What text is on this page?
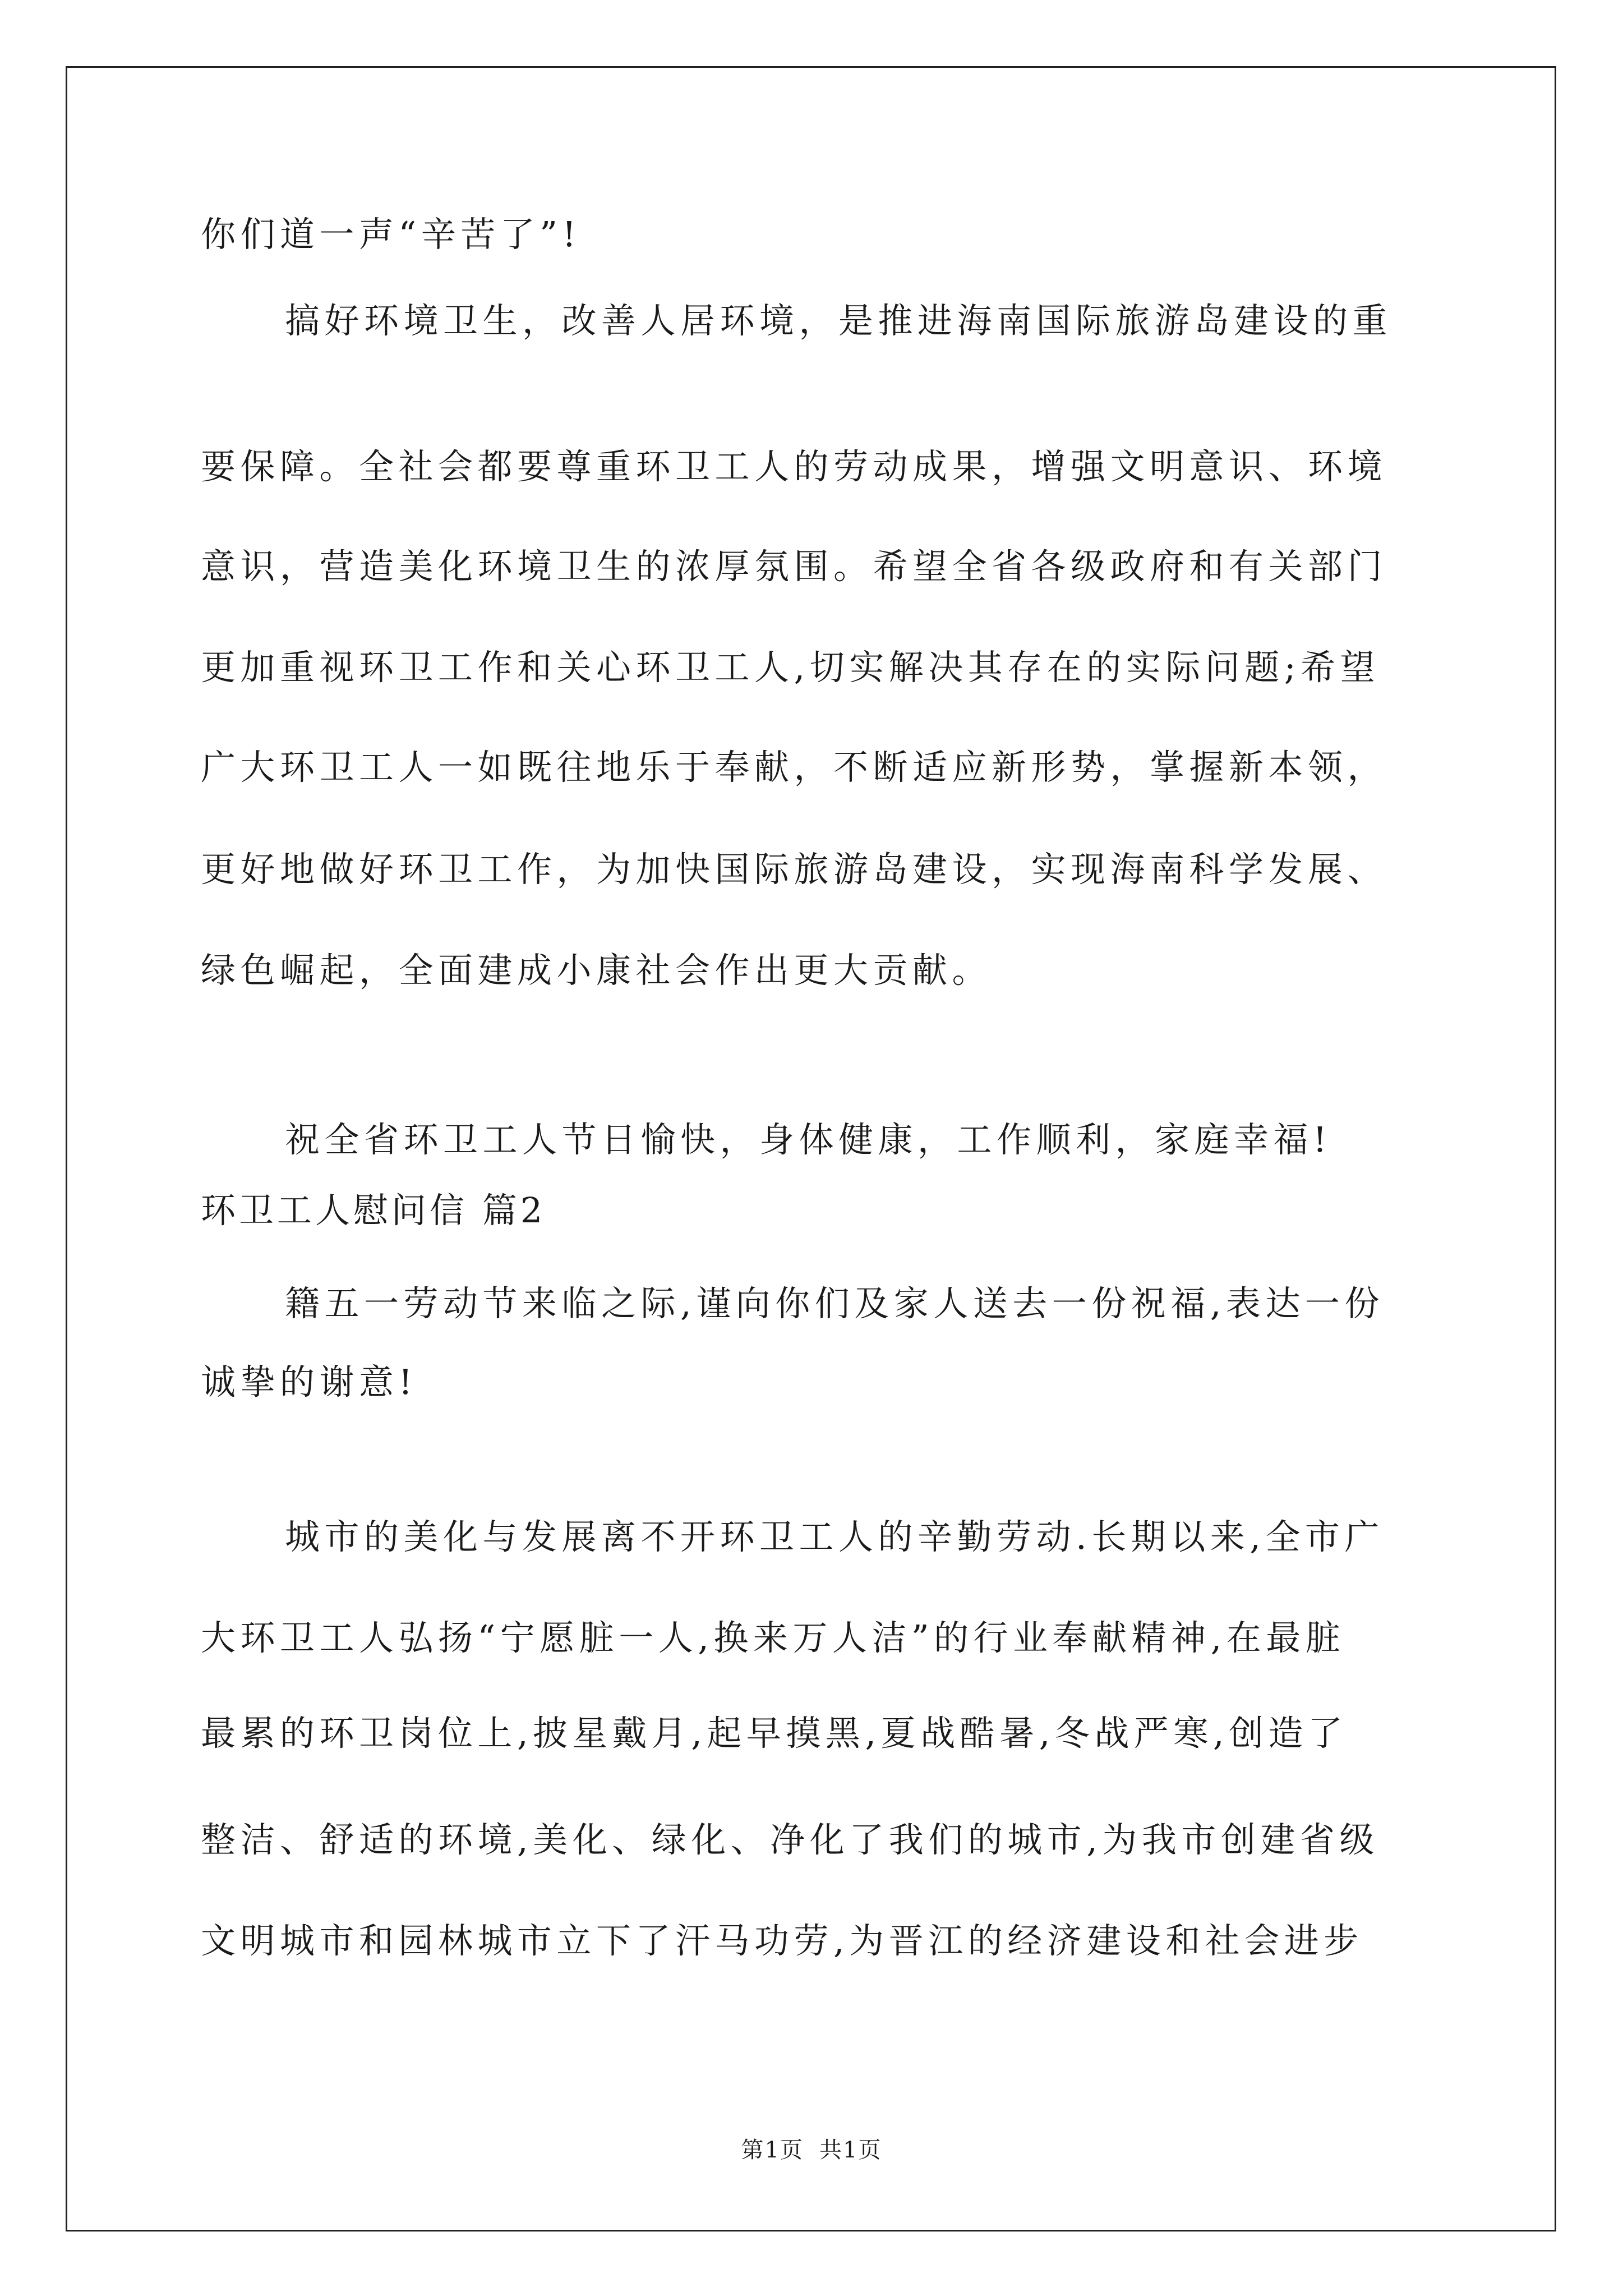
你们道一声“辛苦了”!
搞好环境卫生，改善人居环境，是推进海南国际旅游岛建设的重
要保障。全社会都要尊重环卫工人的劳动成果，增强文明意识、环境
意识，营造美化环境卫生的浓厚氛围。希望全省各级政府和有关部门
更加重视环卫工作和关心环卫工人,切实解决其存在的实际问题;希望
广大环卫工人一如既往地乐于奉献，不断适应新形势，掌握新本领，
更好地做好环卫工作，为加快国际旅游岛建设，实现海南科学发展、
绿色崛起，全面建成小康社会作出更大贡献。
祝全省环卫工人节日愉快，身体健康，工作顺利，家庭幸福!
环卫工人慰问信 篇2
籍五一劳动节来临之际,谨向你们及家人送去一份祝福,表达一份
诚挚的谢意!
城市的美化与发展离不开环卫工人的辛勤劳动.长期以来,全市广
大环卫工人弘扬“宁愿脏一人,换来万人洁”的行业奉献精神,在最脏
最累的环卫岗位上,披星戴月,起早摸黑,夏战酷暑,冬战严寒,创造了
整洁、舒适的环境,美化、绿化、净化了我们的城市,为我市创建省级
文明城市和园林城市立下了汗马功劳,为晋江的经济建设和社会进步
第1页 共1页
